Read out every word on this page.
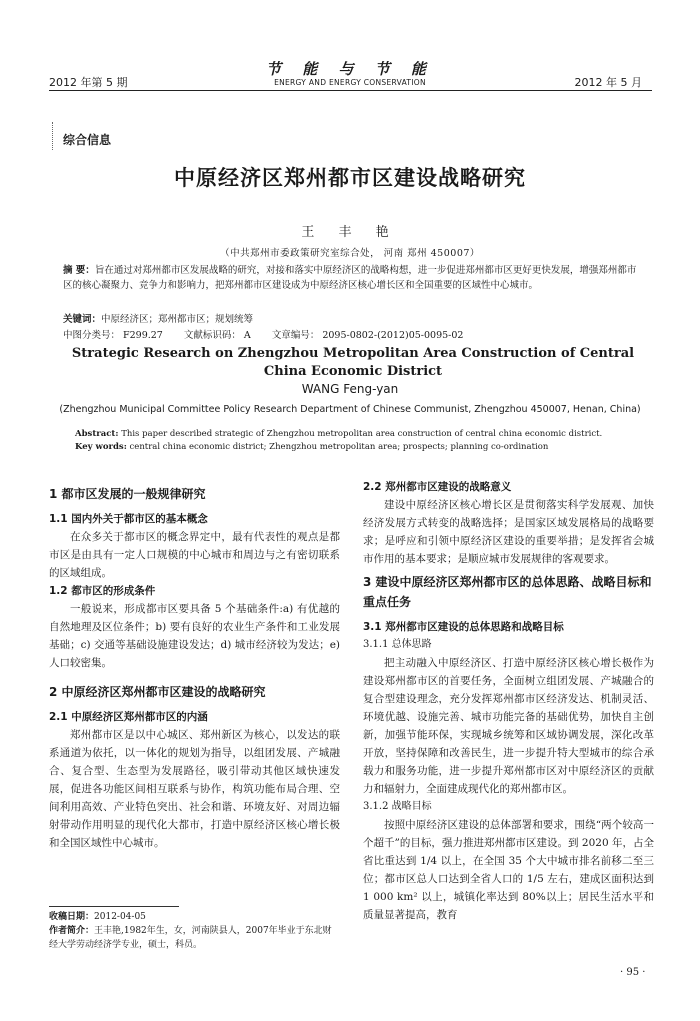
2012 年第 5 期
节 能 与 节 能
ENERGY AND ENERGY CONSERVATION	2012 年 5 月
综合信息
中原经济区郑州都市区建设战略研究
王 丰 艳
（中共郑州市委政策研究室综合处， 河南 郑州 450007）
摘 要：旨在通过对郑州都市区发展战略的研究，对接和落实中原经济区的战略构想，进一步促进郑州都市区更好更快发展，增强郑州都市区的核心凝聚力、竞争力和影响力，把郑州都市区建设成为中原经济区核心增长区和全国重要的区域性中心城市。
关键词：中原经济区；郑州都市区；规划统筹
中图分类号： F299.27 文献标识码： A 文章编号： 2095-0802-(2012)05-0095-02
Strategic Research on Zhengzhou Metropolitan Area Construction of Central China Economic District
WANG Feng-yan
(Zhengzhou Municipal Committee Policy Research Department of Chinese Communist, Zhengzhou 450007, Henan, China)
Abstract: This paper described strategic of Zhengzhou metropolitan area construction of central china economic district.
Key words: central china economic district; Zhengzhou metropolitan area; prospects; planning co-ordination
1 都市区发展的一般规律研究
1.1 国内外关于都市区的基本概念

在众多关于都市区的概念界定中，最有代表性的观点是都市区是由具有一定人口规模的中心城市和周边与之有密切联系的区域组成。

1.2 都市区的形成条件

一般说来，形成都市区要具备 5 个基础条件:a) 有优越的自然地理及区位条件；b) 要有良好的农业生产条件和工业发展基础；c) 交通等基础设施建设发达；d) 城市经济较为发达；e) 人口较密集。

2 中原经济区郑州都市区建设的战略研究
2.1 中原经济区郑州都市区的内涵

郑州都市区是以中心城区、郑州新区为核心，以发达的联系通道为依托，以一体化的规划为指导，以组团发展、产城融合、复合型、生态型为发展路径，吸引带动其他区域快速发展，促进各功能区间相互联系与协作，构筑功能布局合理、空间利用高效、产业特色突出、社会和谐、环境友好、对周边辐射带动作用明显的现代化大都市，打造中原经济区核心增长极和全国区域性中心城市。

收稿日期：2012-04-05
作者简介：王丰艳,1982年生，女，河南陕县人，2007年毕业于东北财经大学劳动经济学专业，硕士，科员。
2.2 郑州都市区建设的战略意义

建设中原经济区核心增长区是贯彻落实科学发展观、加快经济发展方式转变的战略选择；是国家区域发展格局的战略要求；是呼应和引领中原经济区建设的重要举措；是发挥省会城市作用的基本要求；是顺应城市发展规律的客观要求。

3 建设中原经济区郑州都市区的总体思路、战略目标和重点任务
3.1 郑州都市区建设的总体思路和战略目标
3.1.1 总体思路

把主动融入中原经济区、打造中原经济区核心增长极作为建设郑州都市区的首要任务，全面树立组团发展、产城融合的复合型建设理念，充分发挥郑州都市区经济发达、机制灵活、环境优越、设施完善、城市功能完备的基础优势，加快自主创新，加强节能环保，实现城乡统筹和区域协调发展，深化改革开放，坚持保障和改善民生，进一步提升特大型城市的综合承载力和服务功能，进一步提升郑州都市区对中原经济区的贡献力和辐射力，全面建成现代化的郑州都市区。

3.1.2 战略目标

按照中原经济区建设的总体部署和要求，围绕“两个较高一个超千”的目标，强力推进郑州都市区建设。到 2020 年，占全省比重达到 1/4 以上，在全国 35 个大中城市排名前移二至三位；都市区总人口达到全省人口的 1/5 左右，建成区面积达到 1 000 km² 以上，城镇化率达到 80%以上；居民生活水平和质量显著提高，教育

· 95 ·
